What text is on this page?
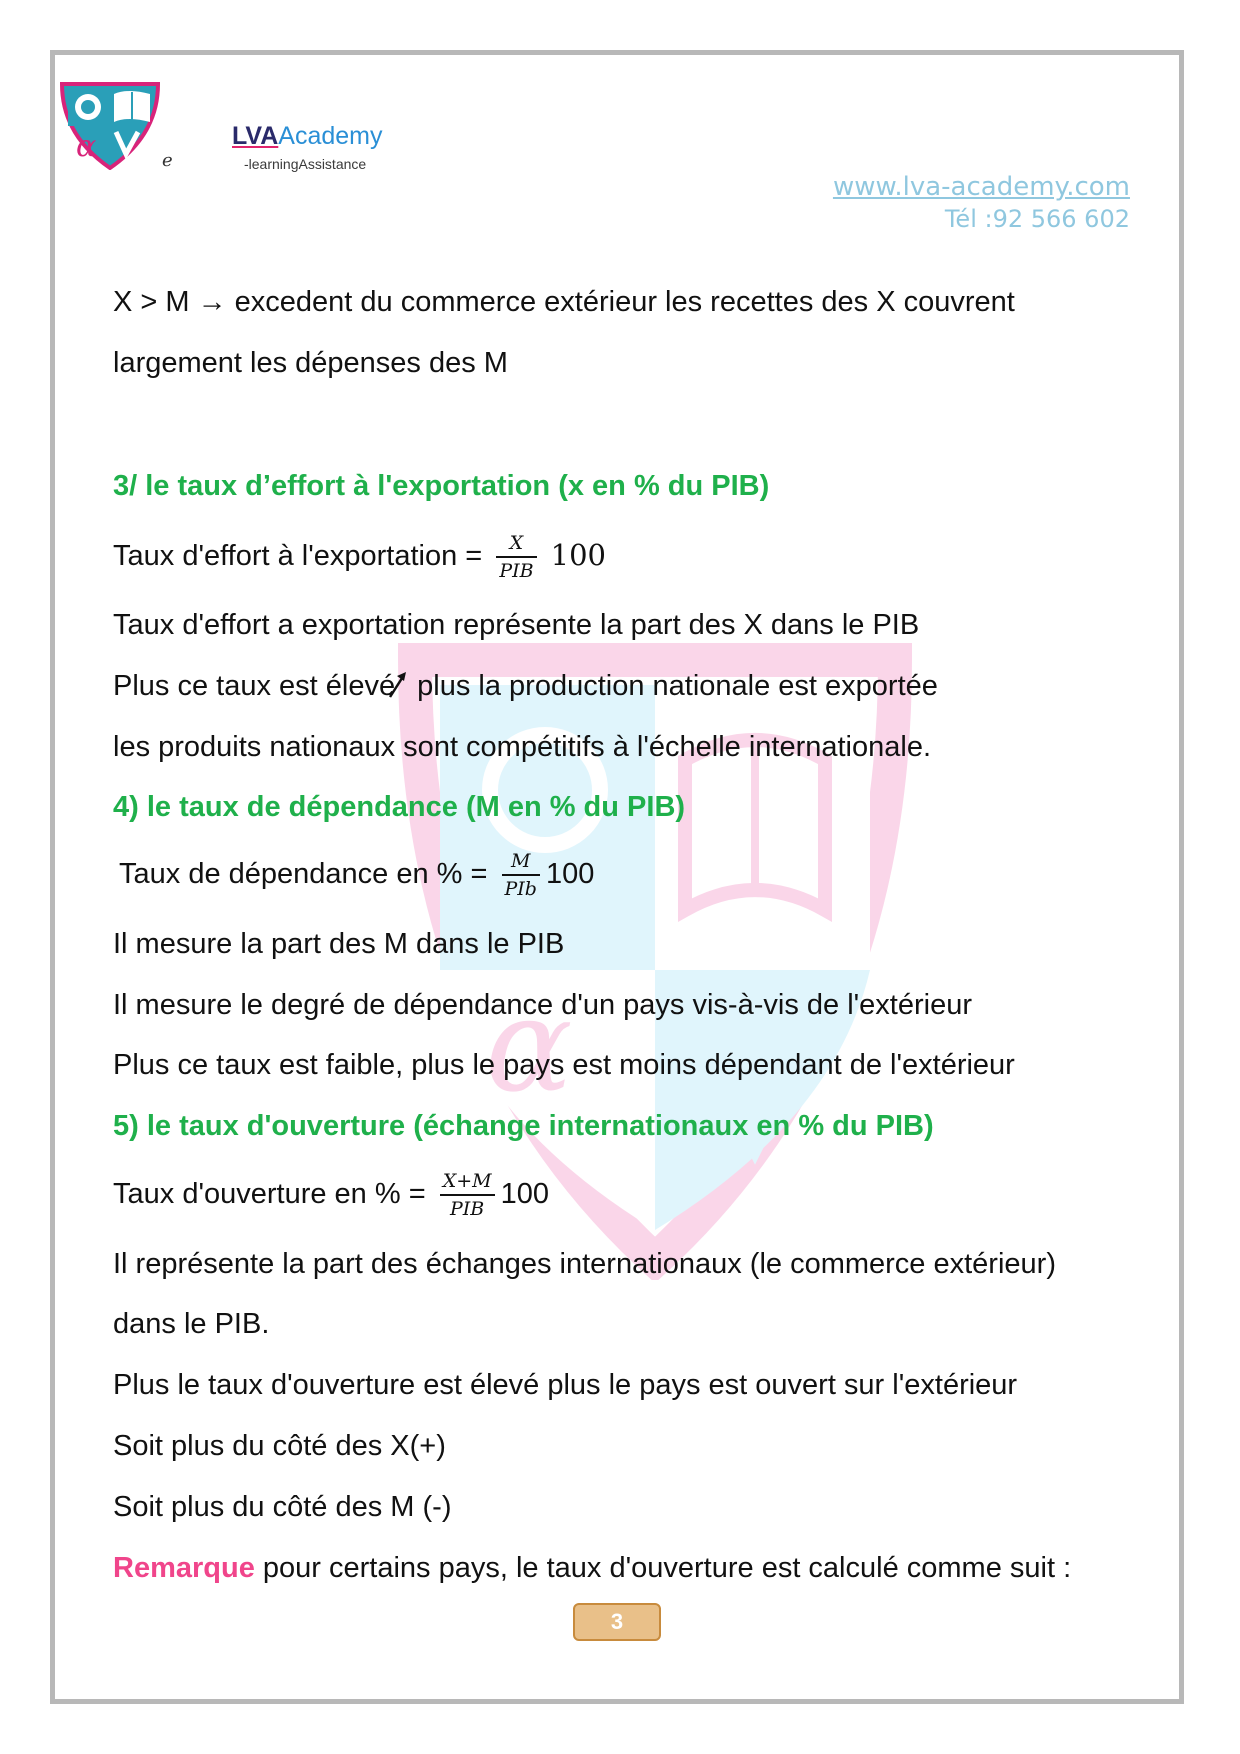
α
α	e
LVAAcademy
-learningAssistance
www.lva-academy.com
Tél :92 566 602
X > M → excedent du commerce extérieur les recettes des X couvrent
largement les dépenses des M
3/ le taux d’effort à l'exportation (x en % du PIB)
Taux d'effort à l'exportation = $\frac{X}{\text{PIB}} 100$
Taux d'effort a exportation représente la part des X dans le PIB
Plus ce taux est élevé
plus la production nationale est exportée
les produits nationaux sont compétitifs à l'échelle internationale.
4) le taux de dépendance (M en % du PIB)
Taux de dépendance en % = $\frac{M}{\text{PIb}} 100$
Il mesure la part des M dans le PIB
Il mesure le degré de dépendance d'un pays vis-à-vis de l'extérieur
Plus ce taux est faible, plus le pays est moins dépendant de l'extérieur
5) le taux d'ouverture (échange internationaux en % du PIB)
Taux d'ouverture en % = $\frac{X+M}{\text{PIB}} 100$
Il représente la part des échanges internationaux (le commerce extérieur)
dans le PIB.
Plus le taux d'ouverture est élevé plus le pays est ouvert sur l'extérieur
Soit plus du côté des X(+)
Soit plus du côté des M (-)
Remarque pour certains pays, le taux d'ouverture est calculé comme suit :
3
